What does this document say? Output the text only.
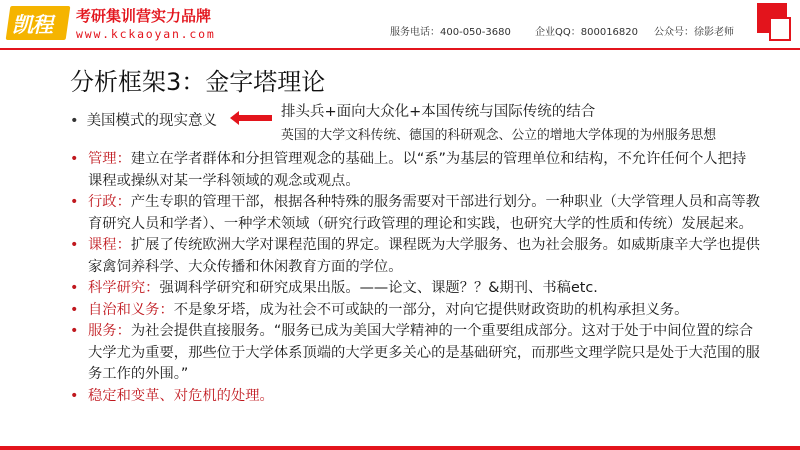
凯程 考研集训营实力品牌
www.kckaoyan.com	服务电话：400-050-3680 企业QQ：800016820 公众号：徐影老师
分析框架3：金字塔理论
• 美国模式的现实意义
排头兵+面向大众化+本国传统与国际传统的结合
英国的大学文科传统、德国的科研观念、公立的增地大学体现的为州服务思想
• 管理：建立在学者群体和分担管理观念的基础上。以“系”为基层的管理单位和结构，不允许任何个人把持课程或操纵对某一学科领域的观念或观点。
• 行政：产生专职的管理干部，根据各种特殊的服务需要对干部进行划分。一种职业（大学管理人员和高等教育研究人员和学者）、一种学术领域（研究行政管理的理论和实践，也研究大学的性质和传统）发展起来。
• 课程：扩展了传统欧洲大学对课程范围的界定。课程既为大学服务、也为社会服务。如威斯康辛大学也提供家禽饲养科学、大众传播和休闲教育方面的学位。
• 科学研究：强调科学研究和研究成果出版。——论文、课题？？&期刊、书稿etc.
• 自治和义务：不是象牙塔，成为社会不可或缺的一部分，对向它提供财政资助的机构承担义务。
• 服务：为社会提供直接服务。“服务已成为美国大学精神的一个重要组成部分。这对于处于中间位置的综合大学尤为重要，那些位于大学体系顶端的大学更多关心的是基础研究，而那些文理学院只是处于大范围的服务工作的外围。”
• 稳定和变革、对危机的处理。
